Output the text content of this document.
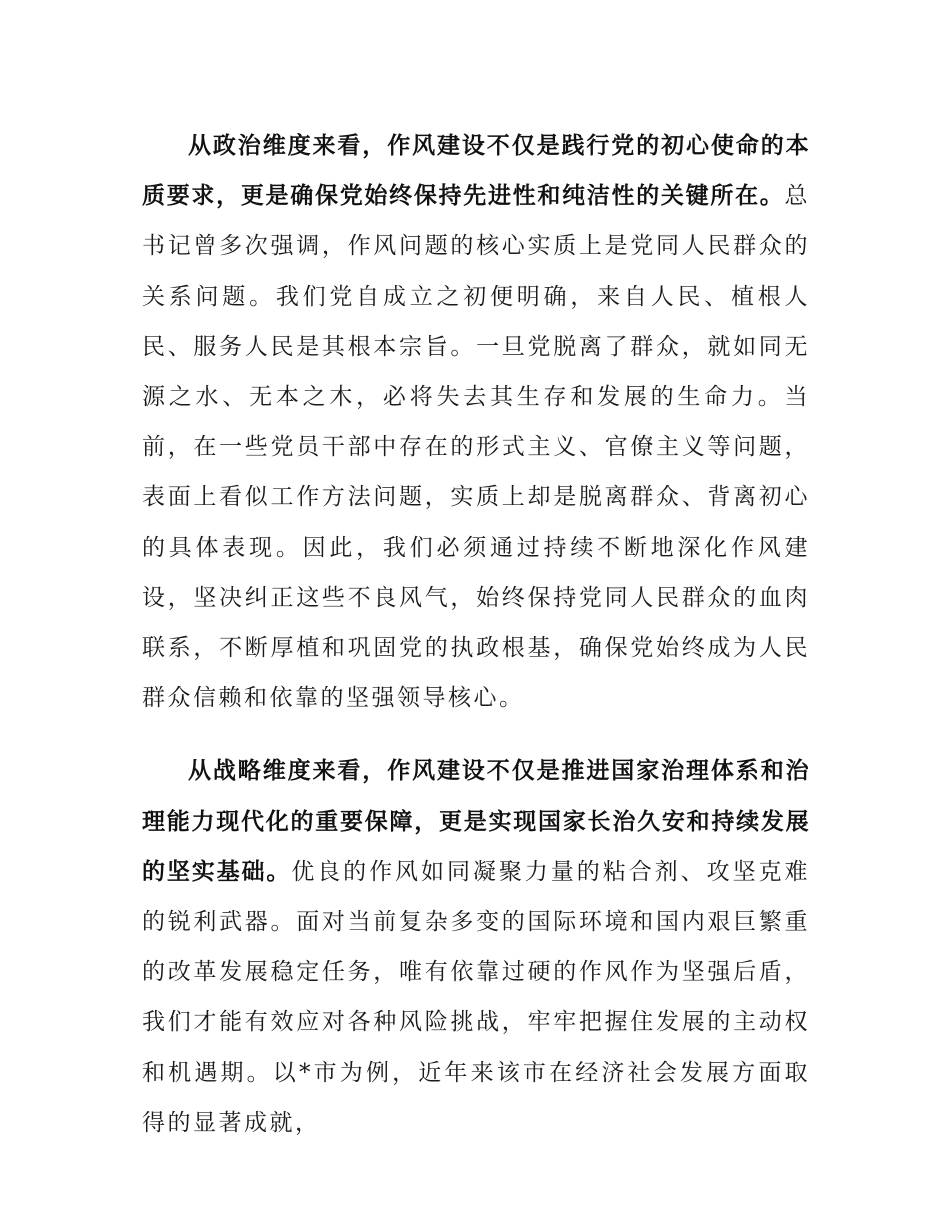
从政治维度来看，作风建设不仅是践行党的初心使命的本质要求，更是确保党始终保持先进性和纯洁性的关键所在。总书记曾多次强调，作风问题的核心实质上是党同人民群众的关系问题。我们党自成立之初便明确，来自人民、植根人民、服务人民是其根本宗旨。一旦党脱离了群众，就如同无源之水、无本之木，必将失去其生存和发展的生命力。当前，在一些党员干部中存在的形式主义、官僚主义等问题，表面上看似工作方法问题，实质上却是脱离群众、背离初心的具体表现。因此，我们必须通过持续不断地深化作风建设，坚决纠正这些不良风气，始终保持党同人民群众的血肉联系，不断厚植和巩固党的执政根基，确保党始终成为人民群众信赖和依靠的坚强领导核心。

从战略维度来看，作风建设不仅是推进国家治理体系和治理能力现代化的重要保障，更是实现国家长治久安和持续发展的坚实基础。优良的作风如同凝聚力量的粘合剂、攻坚克难的锐利武器。面对当前复杂多变的国际环境和国内艰巨繁重的改革发展稳定任务，唯有依靠过硬的作风作为坚强后盾，我们才能有效应对各种风险挑战，牢牢把握住发展的主动权和机遇期。以*市为例，近年来该市在经济社会发展方面取得的显著成就，
